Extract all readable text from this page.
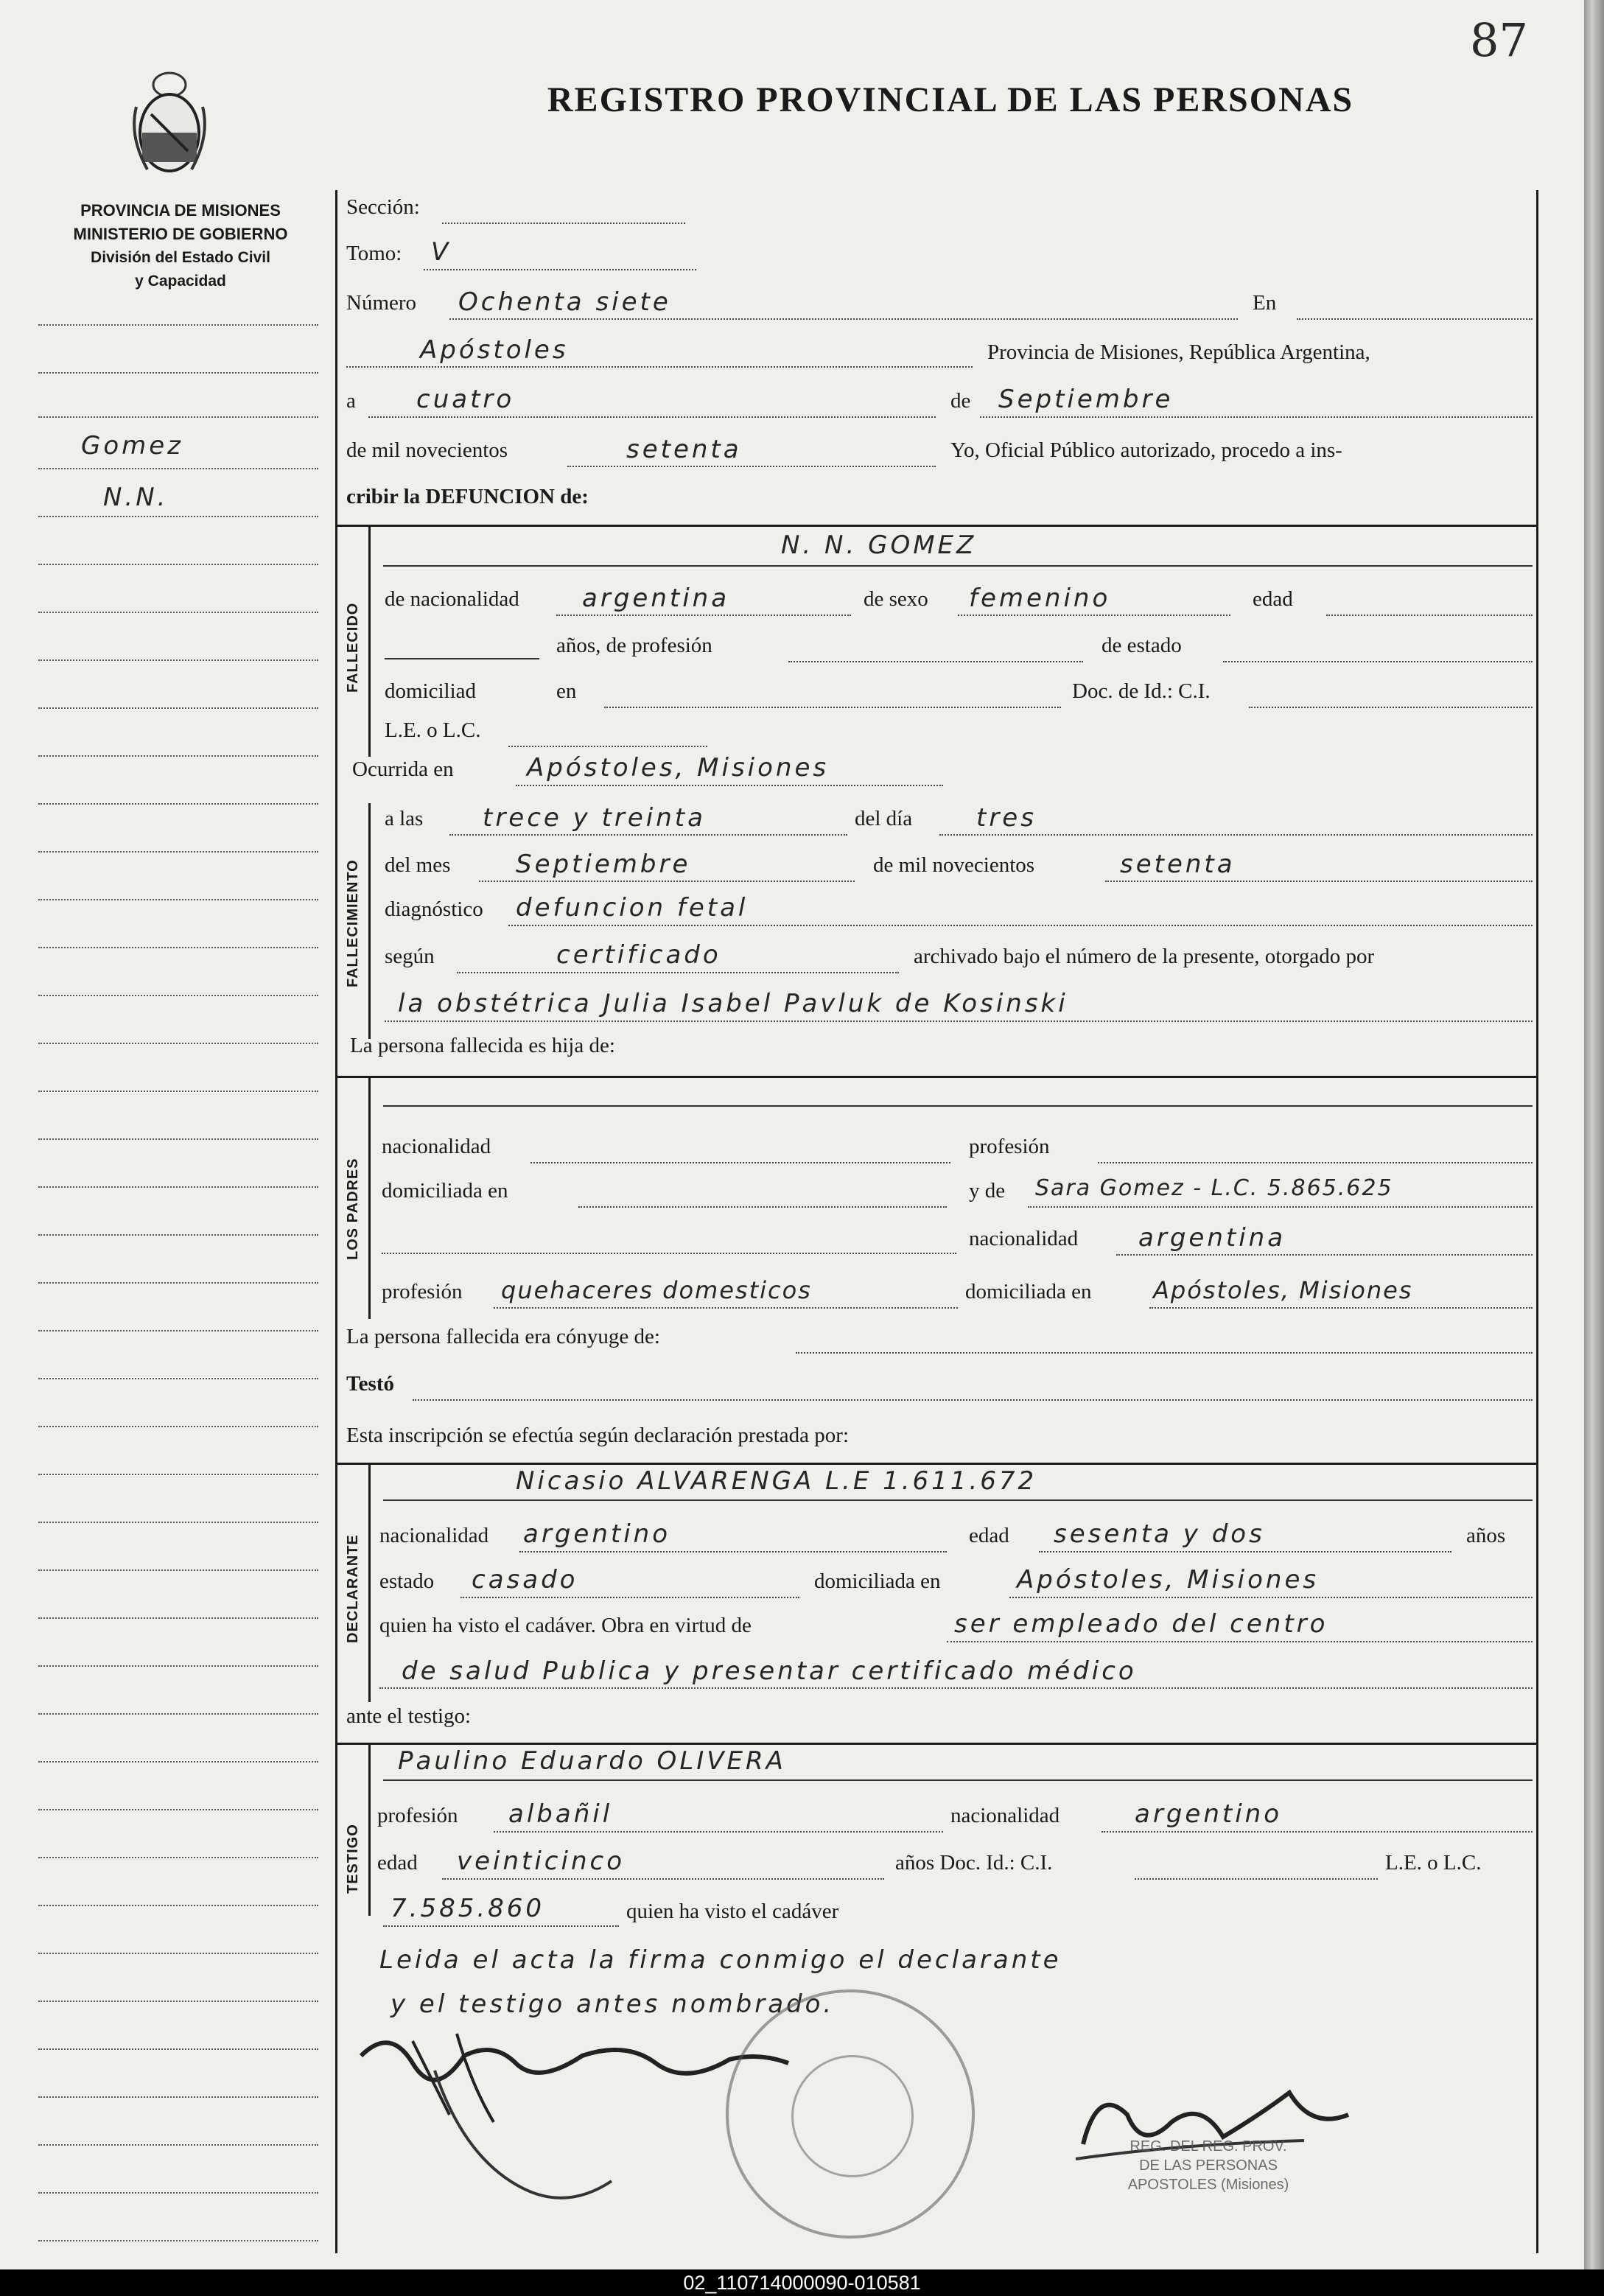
87
REGISTRO PROVINCIAL DE LAS PERSONAS
PROVINCIA DE MISIONES
MINISTERIO DE GOBIERNO
División del Estado Civil
y Capacidad
Gomez
N.N.
Sección:
Tomo: V
Número Ochenta siete	En
Apóstoles	Provincia de Misiones, República Argentina,
a cuatro	de Septiembre
de mil novecientos	setenta	Yo, Oficial Público autorizado, procedo a ins-
cribir la DEFUNCION de:
FALLECIDO
N. N. GOMEZ
de nacionalidad	argentina	de sexo femenino	edad
años, de profesión	de estado
domiciliad	en	Doc. de Id.: C.I.
L.E. o L.C.
Ocurrida en	Apóstoles, Misiones
FALLECIMIENTO
a las trece y treinta	del día	tres
del mes	Septiembre	de mil novecientos	setenta
diagnóstico defuncion fetal
según	certificado	archivado bajo el número de la presente, otorgado por
la obstétrica Julia Isabel Pavluk de Kosinski
La persona fallecida es hija de:
LOS PADRES
nacionalidad	profesión
domiciliada en	y de Sara Gomez - L.C. 5.865.625
nacionalidad argentina
profesión quehaceres domesticos	domiciliada en	Apóstoles, Misiones
La persona fallecida era cónyuge de:
Testó
Esta inscripción se efectúa según declaración prestada por:
DECLARANTE
Nicasio ALVARENGA L.E 1.611.672
nacionalidad argentino	edad sesenta y dos	años
estado casado	domiciliada en	Apóstoles, Misiones
quien ha visto el cadáver. Obra en virtud de	ser empleado del centro
de salud Publica y presentar certificado médico
ante el testigo:
TESTIGO
Paulino Eduardo OLIVERA
profesión albañil	nacionalidad	argentino
edad veinticinco	años Doc. Id.: C.I.	L.E. o L.C.
7.585.860	quien ha visto el cadáver
Leida el acta la firma conmigo el declarante
y el testigo antes nombrado.
REG. DEL REG. PROV.
DE LAS PERSONAS
APOSTOLES (Misiones)
02_110714000090-010581
